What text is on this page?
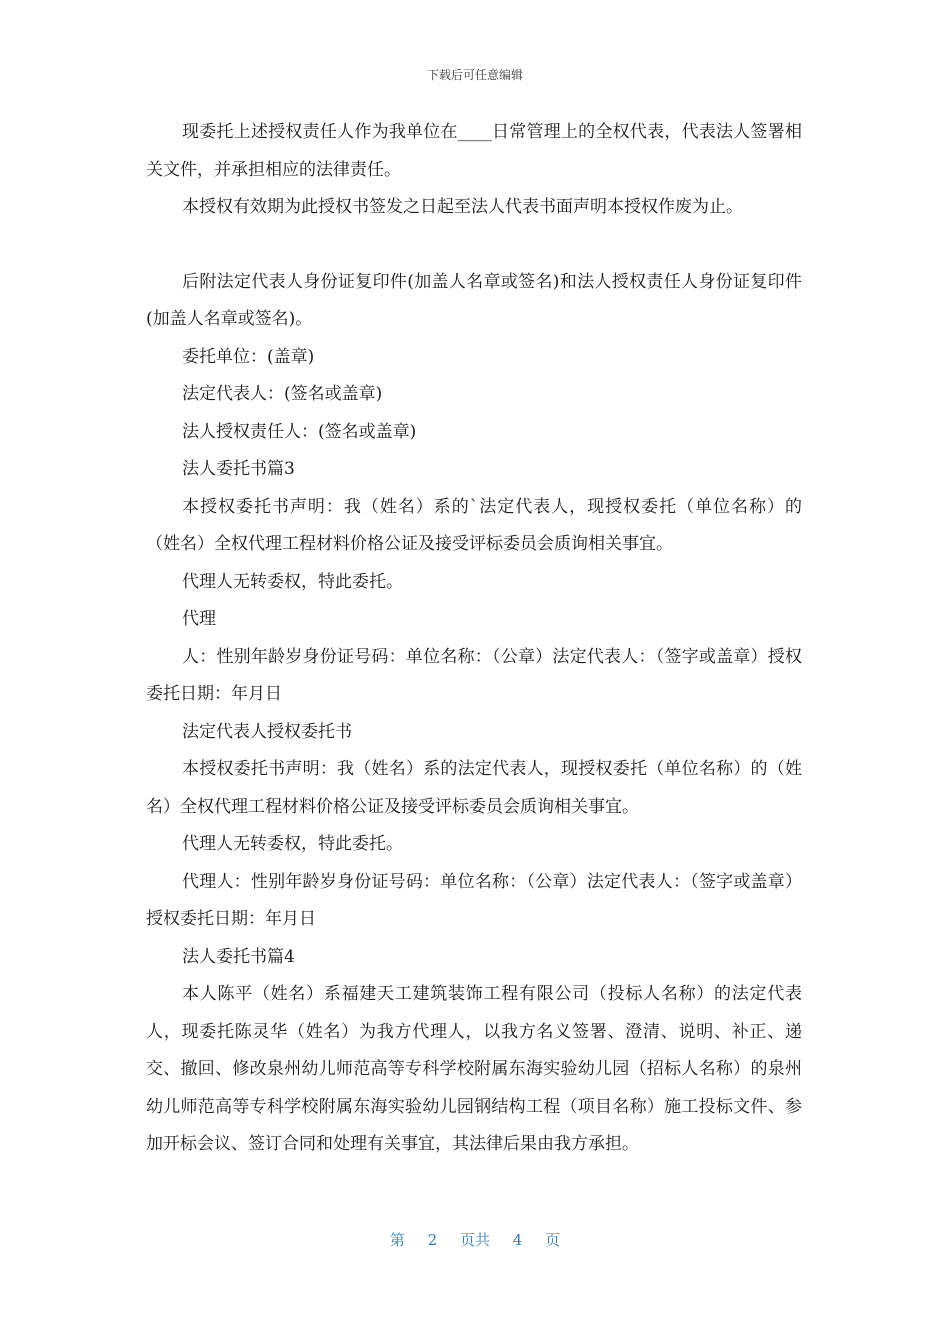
下载后可任意编辑

现委托上述授权责任人作为我单位在____日常管理上的全权代表，代表法人签署相关文件，并承担相应的法律责任。

本授权有效期为此授权书签发之日起至法人代表书面声明本授权作废为止。

后附法定代表人身份证复印件(加盖人名章或签名)和法人授权责任人身份证复印件(加盖人名章或签名)。

委托单位：(盖章)

法定代表人：(签名或盖章)

法人授权责任人：(签名或盖章)

法人委托书篇3

本授权委托书声明：我（姓名）系的`法定代表人，现授权委托（单位名称）的（姓名）全权代理工程材料价格公证及接受评标委员会质询相关事宜。

代理人无转委权，特此委托。

代理

人：性别年龄岁身份证号码：单位名称：（公章）法定代表人：（签字或盖章）授权委托日期：年月日

法定代表人授权委托书

本授权委托书声明：我（姓名）系的法定代表人，现授权委托（单位名称）的（姓名）全权代理工程材料价格公证及接受评标委员会质询相关事宜。

代理人无转委权，特此委托。

代理人：性别年龄岁身份证号码：单位名称：（公章）法定代表人：（签字或盖章）授权委托日期：年月日

法人委托书篇4

本人陈平（姓名）系福建天工建筑装饰工程有限公司（投标人名称）的法定代表人，现委托陈灵华（姓名）为我方代理人，以我方名义签署、澄清、说明、补正、递交、撤回、修改泉州幼儿师范高等专科学校附属东海实验幼儿园（招标人名称）的泉州幼儿师范高等专科学校附属东海实验幼儿园钢结构工程（项目名称）施工投标文件、参加开标会议、签订合同和处理有关事宜，其法律后果由我方承担。

第 2 页共 4 页
